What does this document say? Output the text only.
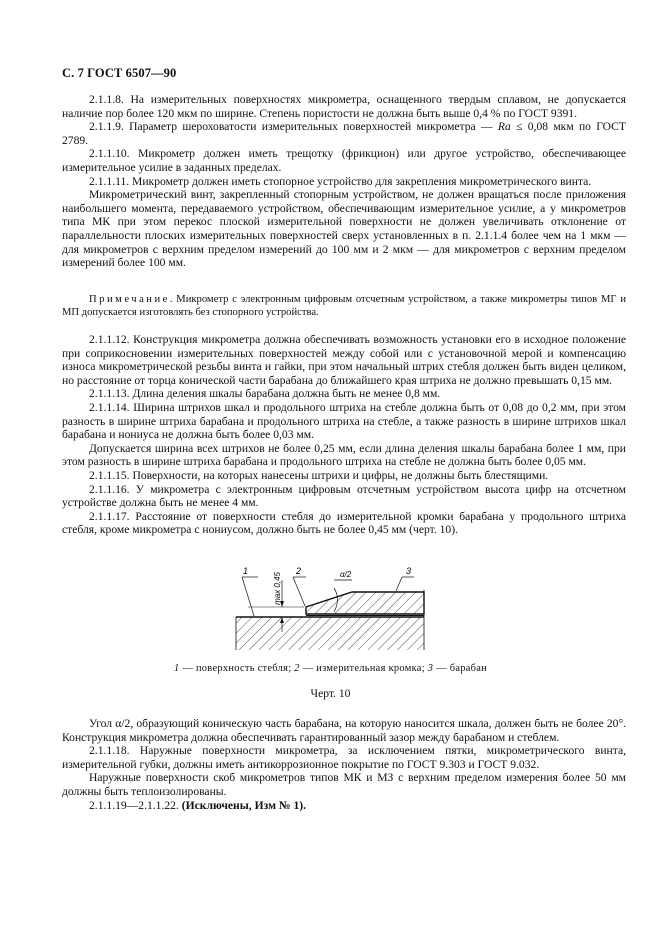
С. 7 ГОСТ 6507—90

2.1.1.8. На измерительных поверхностях микрометра, оснащенного твердым сплавом, не допускается наличие пор более 120 мкм по ширине. Степень пористости не должна быть выше 0,4 % по ГОСТ 9391.

2.1.1.9. Параметр шероховатости измерительных поверхностей микрометра — Ra ≤ 0,08 мкм по ГОСТ 2789.

2.1.1.10. Микрометр должен иметь трещотку (фрикцион) или другое устройство, обеспечивающее измерительное усилие в заданных пределах.

2.1.1.11. Микрометр должен иметь стопорное устройство для закрепления микрометрического винта.

Микрометрический винт, закрепленный стопорным устройством, не должен вращаться после приложения наибольшего момента, передаваемого устройством, обеспечивающим измерительное усилие, а у микрометров типа МК при этом перекос плоской измерительной поверхности не должен увеличивать отклонение от параллельности плоских измерительных поверхностей сверх установленных в п. 2.1.1.4 более чем на 1 мкм — для микрометров с верхним пределом измерений до 100 мм и 2 мкм — для микрометров с верхним пределом измерений более 100 мм.

Примечание. Микрометр с электронным цифровым отсчетным устройством, а также микрометры типов МГ и МП допускается изготовлять без стопорного устройства.

2.1.1.12. Конструкция микрометра должна обеспечивать возможность установки его в исходное положение при соприкосновении измерительных поверхностей между собой или с установочной мерой и компенсацию износа микрометрической резьбы винта и гайки, при этом начальный штрих стебля должен быть виден целиком, но расстояние от торца конической части барабана до ближайшего края штриха не должно превышать 0,15 мм.

2.1.1.13. Длина деления шкалы барабана должна быть не менее 0,8 мм.

2.1.1.14. Ширина штрихов шкал и продольного штриха на стебле должна быть от 0,08 до 0,2 мм, при этом разность в ширине штриха барабана и продольного штриха на стебле, а также разность в ширине штрихов шкал барабана и нониуса не должна быть более 0,03 мм.

Допускается ширина всех штрихов не более 0,25 мм, если длина деления шкалы барабана более 1 мм, при этом разность в ширине штриха барабана и продольного штриха на стебле не должна быть более 0,05 мм.

2.1.1.15. Поверхности, на которых нанесены штрихи и цифры, не должны быть блестящими.

2.1.1.16. У микрометра с электронным цифровым отсчетным устройством высота цифр на отсчетном устройстве должна быть не менее 4 мм.

2.1.1.17. Расстояние от поверхности стебля до измерительной кромки барабана у продольного штриха стебля, кроме микрометра с нониусом, должно быть не более 0,45 мм (черт. 10).

max 0,45	α/2
1	2	3
1 — поверхность стебля; 2 — измерительная кромка; 3 — барабан
Черт. 10

Угол α/2, образующий коническую часть барабана, на которую наносится шкала, должен быть не более 20°. Конструкция микрометра должна обеспечивать гарантированный зазор между барабаном и стеблем.

2.1.1.18. Наружные поверхности микрометра, за исключением пятки, микрометрического винта, измерительной губки, должны иметь антикоррозионное покрытие по ГОСТ 9.303 и ГОСТ 9.032.

Наружные поверхности скоб микрометров типов МК и МЗ с верхним пределом измерения более 50 мм должны быть теплоизолированы.

2.1.1.19—2.1.1.22. (Исключены, Изм № 1).
